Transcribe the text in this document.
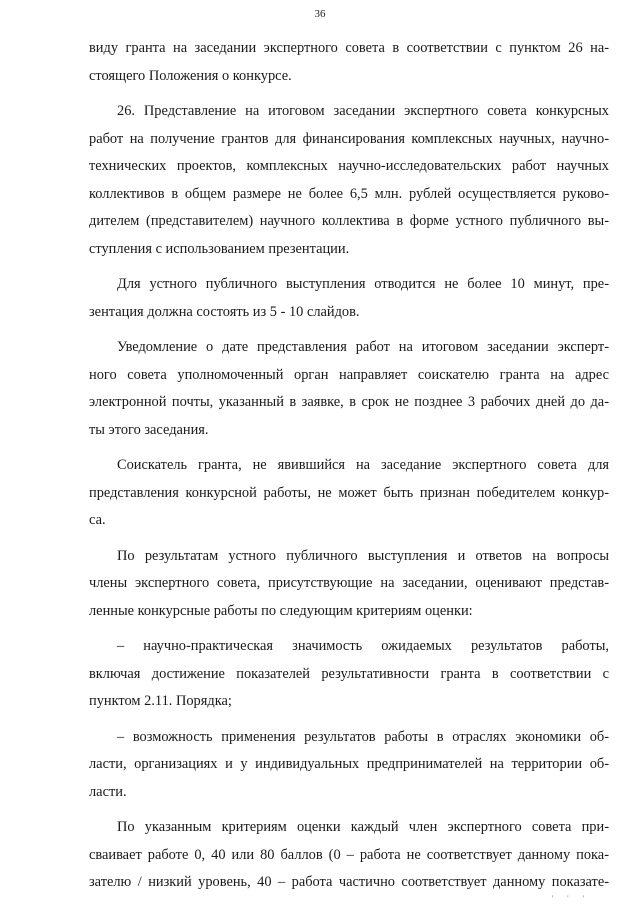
36
виду гранта на заседании экспертного совета в соответствии с пунктом 26 на-
стоящего Положения о конкурсе.
26. Представление на итоговом заседании экспертного совета конкурсных
работ на получение грантов для финансирования комплексных научных, научно-
технических проектов, комплексных научно-исследовательских работ научных
коллективов в общем размере не более 6,5 млн. рублей осуществляется руково-
дителем (представителем) научного коллектива в форме устного публичного вы-
ступления с использованием презентации.
Для устного публичного выступления отводится не более 10 минут, пре-
зентация должна состоять из 5 - 10 слайдов.
Уведомление о дате представления работ на итоговом заседании эксперт-
ного совета уполномоченный орган направляет соискателю гранта на адрес
электронной почты, указанный в заявке, в срок не позднее 3 рабочих дней до да-
ты этого заседания.
Соискатель гранта, не явившийся на заседание экспертного совета для
представления конкурсной работы, не может быть признан победителем конкур-
са.
По результатам устного публичного выступления и ответов на вопросы
члены экспертного совета, присутствующие на заседании, оценивают представ-
ленные конкурсные работы по следующим критериям оценки:
– научно-практическая значимость ожидаемых результатов работы,
включая достижение показателей результативности гранта в соответствии с
пунктом 2.11. Порядка;
– возможность применения результатов работы в отраслях экономики об-
ласти, организациях и у индивидуальных предпринимателей на территории об-
ласти.
По указанным критериям оценки каждый член экспертного совета при-
сваивает работе 0, 40 или 80 баллов (0 – работа не соответствует данному пока-
зателю / низкий уровень, 40 – работа частично соответствует данному показате-
' ' '
